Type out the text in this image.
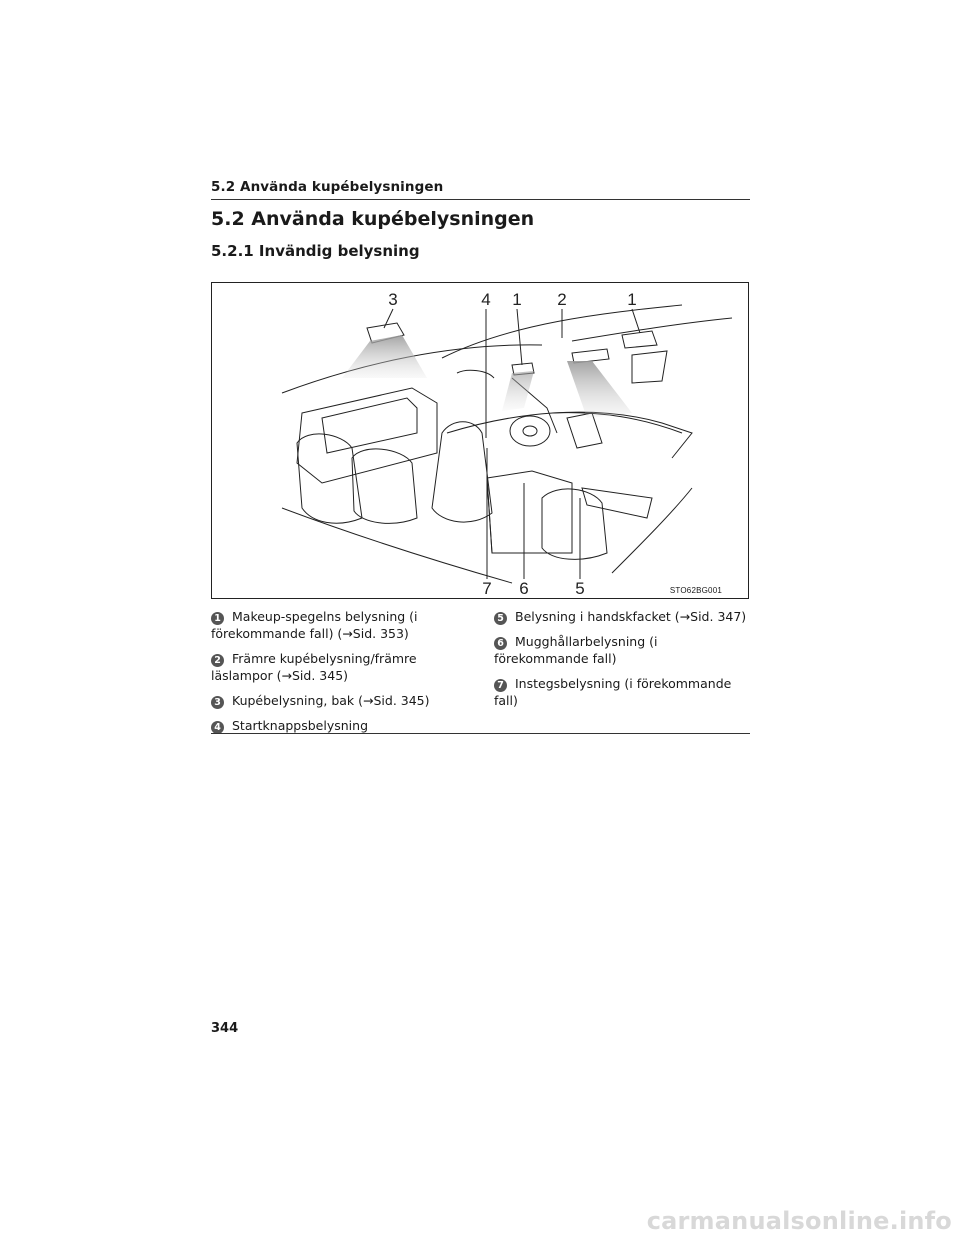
5.2 Använda kupébelysningen
5.2 Använda kupébelysningen
5.2.1 Invändig belysning
3	4 1 2	1
7 6	5	STO62BG001
1 Makeup-spegelns belysning (i förekommande fall) (→Sid. 353)
2 Främre kupébelysning/främre läslampor (→Sid. 345)
3 Kupébelysning, bak (→Sid. 345)
4 Startknappsbelysning
5 Belysning i handskfacket (→Sid. 347)
6 Mugghållarbelysning (i förekommande fall)
7 Instegsbelysning (i förekommande fall)
344
carmanualsonline.info
